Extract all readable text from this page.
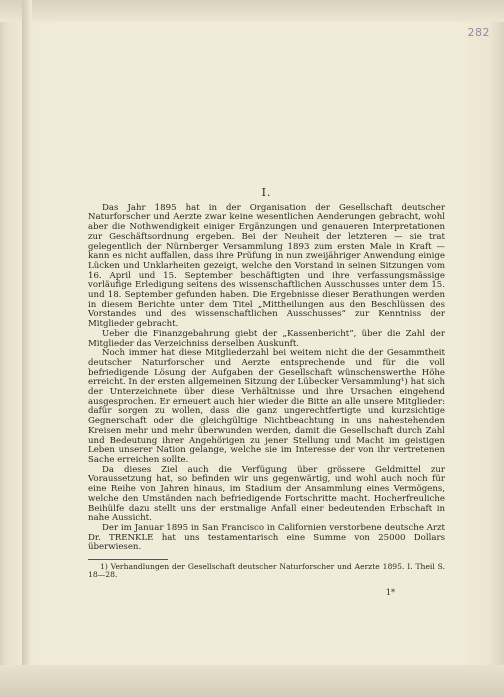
282
I.

Das Jahr 1895 hat in der Organisation der Gesellschaft deutscher Naturforscher und Aerzte zwar keine wesentlichen Aenderungen gebracht, wohl aber die Nothwendigkeit einiger Ergänzungen und genaueren Interpretationen zur Geschäftsordnung ergeben. Bei der Neuheit der letzteren — sie trat gelegentlich der Nürnberger Versammlung 1893 zum ersten Male in Kraft — kann es nicht auffallen, dass ihre Prüfung in nun zweijähriger Anwendung einige Lücken und Unklarheiten gezeigt, welche den Vorstand in seinen Sitzungen vom 16. April und 15. September beschäftigten und ihre verfassungsmässige vorläufige Erledigung seitens des wissenschaftlichen Ausschusses unter dem 15. und 18. September gefunden haben. Die Ergebnisse dieser Berathungen werden in diesem Berichte unter dem Titel „Mittheilungen aus den Beschlüssen des Vorstandes und des wissenschaftlichen Ausschusses“ zur Kenntniss der Mitglieder gebracht.

Ueber die Finanzgebahrung giebt der „Kassenbericht“, über die Zahl der Mitglieder das Verzeichniss derselben Auskunft.

Noch immer hat diese Mitgliederzahl bei weitem nicht die der Gesammtheit deutscher Naturforscher und Aerzte entsprechende und für die voll befriedigende Lösung der Aufgaben der Gesellschaft wünschenswerthe Höhe erreicht. In der ersten allgemeinen Sitzung der Lübecker Versammlung¹) hat sich der Unterzeichnete über diese Verhältnisse und ihre Ursachen eingehend ausgesprochen. Er erneuert auch hier wieder die Bitte an alle unsere Mitglieder: dafür sorgen zu wollen, dass die ganz ungerechtfertigte und kurzsichtige Gegnerschaft oder die gleichgültige Nichtbeachtung in uns nahestehenden Kreisen mehr und mehr überwunden werden, damit die Gesellschaft durch Zahl und Bedeutung ihrer Angehörigen zu jener Stellung und Macht im geistigen Leben unserer Nation gelange, welche sie im Interesse der von ihr vertretenen Sache erreichen sollte.

Da dieses Ziel auch die Verfügung über grössere Geldmittel zur Voraussetzung hat, so befinden wir uns gegenwärtig, und wohl auch noch für eine Reihe von Jahren hinaus, im Stadium der Ansammlung eines Vermögens, welche den Umständen nach befriedigende Fortschritte macht. Hocherfreuliche Beihülfe dazu stellt uns der erstmalige Anfall einer bedeutenden Erbschaft in nahe Aussicht.

Der im Januar 1895 in San Francisco in Californien verstorbene deutsche Arzt Dr. TRENKLE hat uns testamentarisch eine Summe von 25000 Dollars überwiesen.

1) Verhandlungen der Gesellschaft deutscher Naturforscher und Aerzte 1895. I. Theil S. 18—28.

1*
